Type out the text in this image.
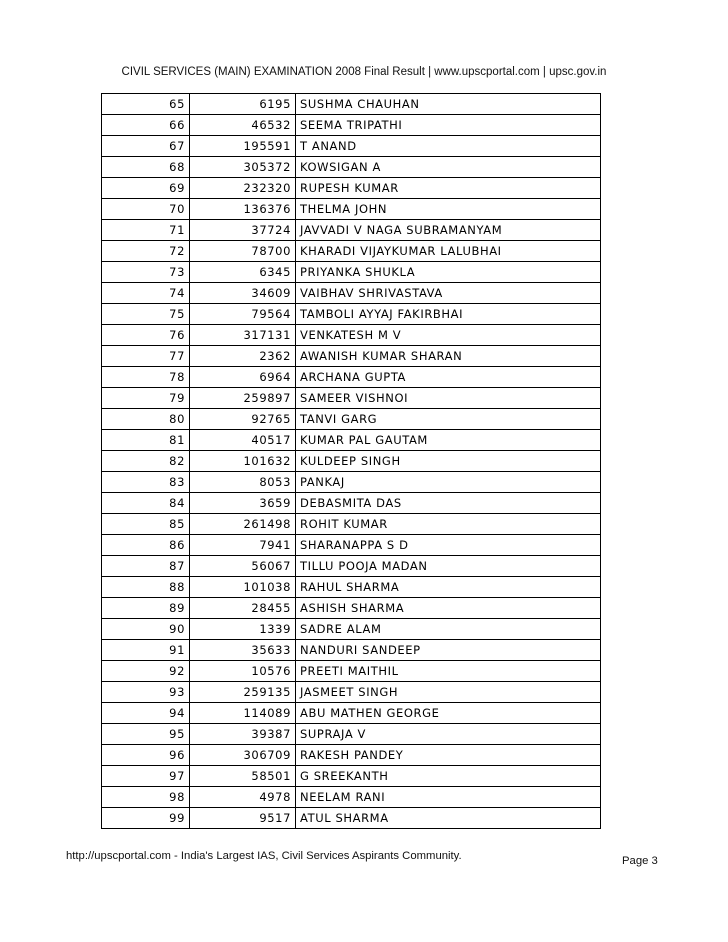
CIVIL SERVICES (MAIN) EXAMINATION 2008 Final Result | www.upscportal.com | upsc.gov.in
65	6195	SUSHMA CHAUHAN
66	46532	SEEMA TRIPATHI
67	195591	T ANAND
68	305372	KOWSIGAN A
69	232320	RUPESH KUMAR
70	136376	THELMA JOHN
71	37724	JAVVADI V NAGA SUBRAMANYAM
72	78700	KHARADI VIJAYKUMAR LALUBHAI
73	6345	PRIYANKA SHUKLA
74	34609	VAIBHAV SHRIVASTAVA
75	79564	TAMBOLI AYYAJ FAKIRBHAI
76	317131	VENKATESH M V
77	2362	AWANISH KUMAR SHARAN
78	6964	ARCHANA GUPTA
79	259897	SAMEER VISHNOI
80	92765	TANVI GARG
81	40517	KUMAR PAL GAUTAM
82	101632	KULDEEP SINGH
83	8053	PANKAJ
84	3659	DEBASMITA DAS
85	261498	ROHIT KUMAR
86	7941	SHARANAPPA S D
87	56067	TILLU POOJA MADAN
88	101038	RAHUL SHARMA
89	28455	ASHISH SHARMA
90	1339	SADRE ALAM
91	35633	NANDURI SANDEEP
92	10576	PREETI MAITHIL
93	259135	JASMEET SINGH
94	114089	ABU MATHEN GEORGE
95	39387	SUPRAJA V
96	306709	RAKESH PANDEY
97	58501	G SREEKANTH
98	4978	NEELAM RANI
99	9517	ATUL SHARMA
http://upscportal.com - India's Largest IAS, Civil Services Aspirants Community.	Page 3
